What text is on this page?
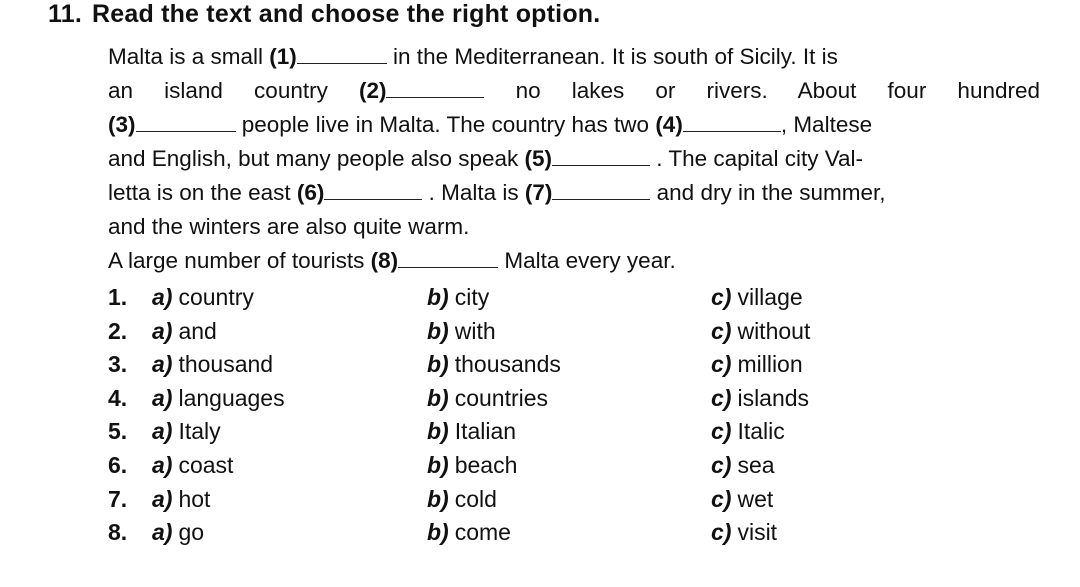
11. Read the text and choose the right option.
Malta is a small (1)	in the Mediterranean. It is south of Sicily. It is
an island country (2)	no lakes or rivers. About four hundred
(3)	people live in Malta. The country has two (4)	, Maltese
and English, but many people also speak (5)	. The capital city Val-
letta is on the east (6)	. Malta is (7)	and dry in the summer,
and the winters are also quite warm.
A large number of tourists (8)	Malta every year.
1. a) country	b) city	c) village
2. a) and	b) with	c) without
3. a) thousand	b) thousands	c) million
4. a) languages	b) countries	c) islands
5. a) Italy	b) Italian	c) Italic
6. a) coast	b) beach	c) sea
7. a) hot	b) cold	c) wet
8. a) go	b) come	c) visit
